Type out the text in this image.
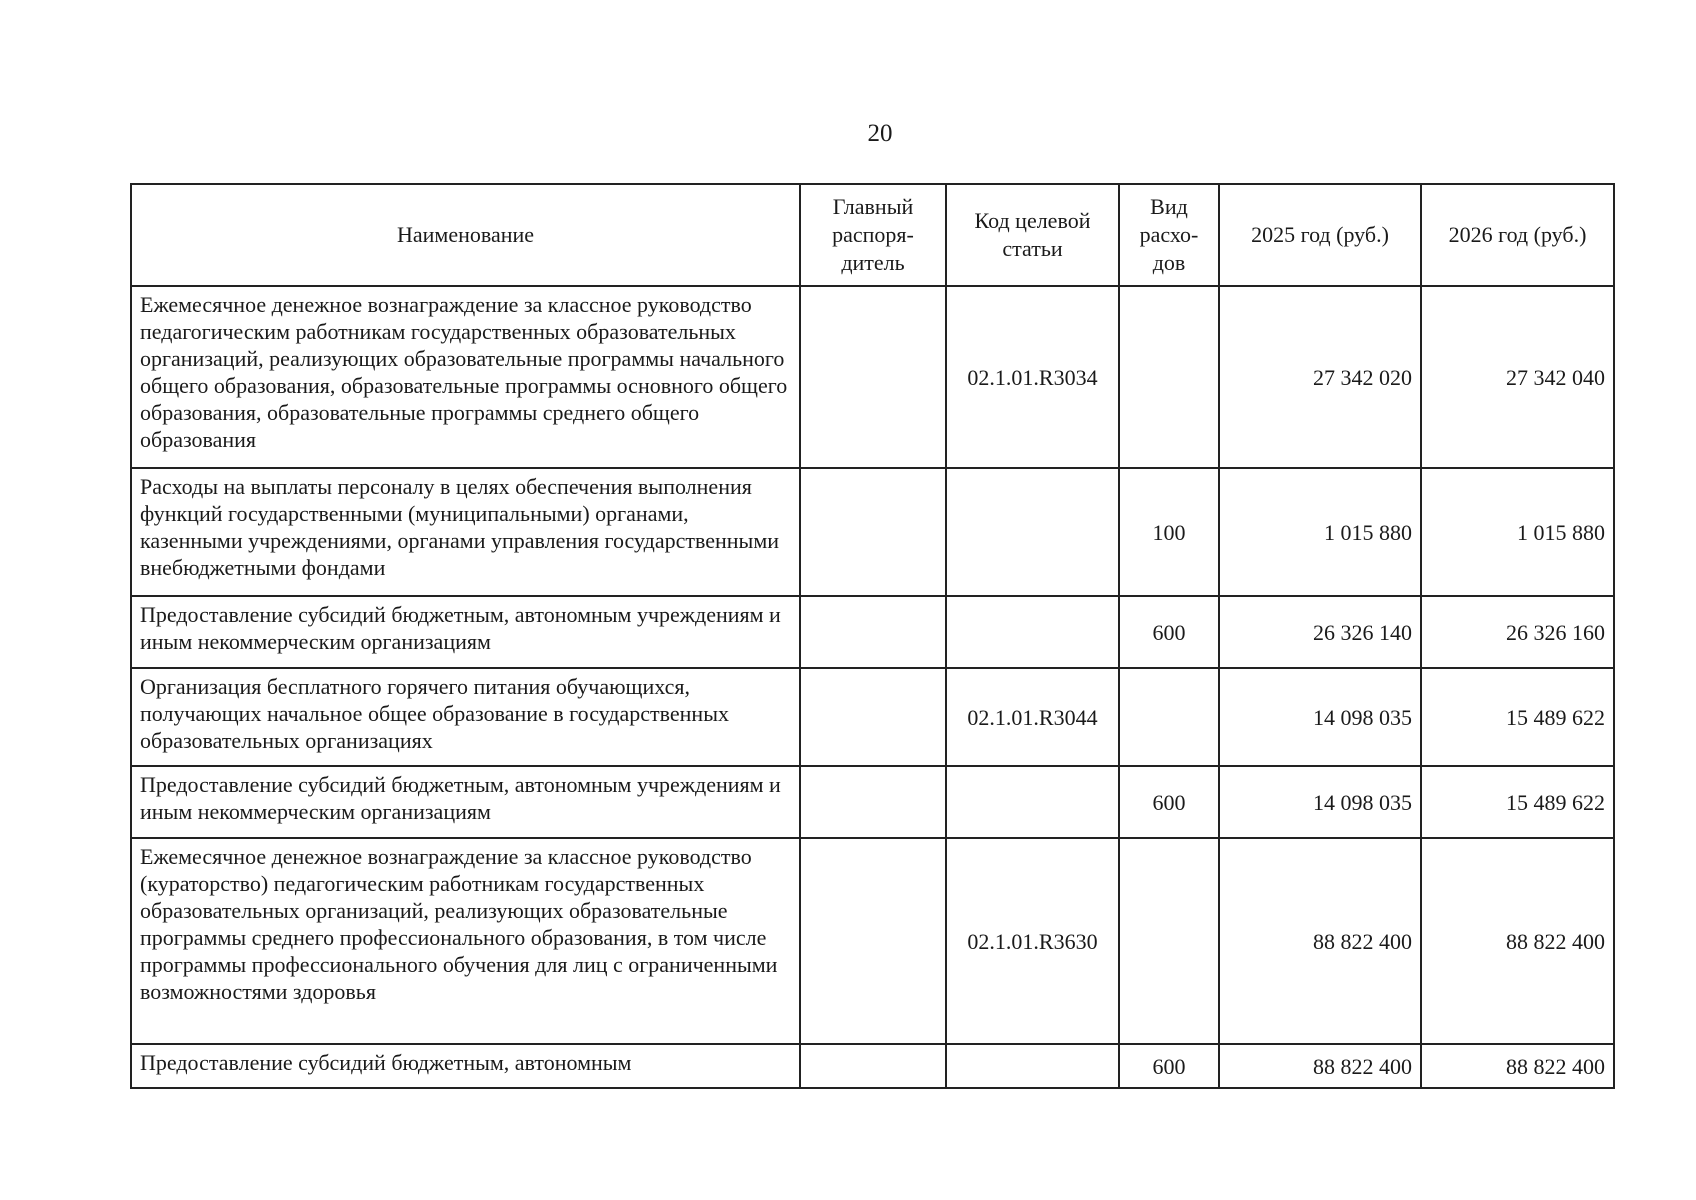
20
Наименование	Главный распоря-дитель	Код целевой статьи	Вид расхо-дов	2025 год (руб.)	2026 год (руб.)
Ежемесячное денежное вознаграждение за классное руководство педагогическим работникам государственных образовательных организаций, реализующих образовательные программы начального общего образования, образовательные программы основного общего образования, образовательные программы среднего общего образования		02.1.01.R3034		27 342 020	27 342 040
Расходы на выплаты персоналу в целях обеспечения выполнения функций государственными (муниципальными) органами, казенными учреждениями, органами управления государственными внебюджетными фондами			100	1 015 880	1 015 880
Предоставление субсидий бюджетным, автономным учреждениям и иным некоммерческим организациям			600	26 326 140	26 326 160
Организация бесплатного горячего питания обучающихся, получающих начальное общее образование в государственных образовательных организациях		02.1.01.R3044		14 098 035	15 489 622
Предоставление субсидий бюджетным, автономным учреждениям и иным некоммерческим организациям			600	14 098 035	15 489 622
Ежемесячное денежное вознаграждение за классное руководство (кураторство) педагогическим работникам государственных образовательных организаций, реализующих образовательные программы среднего профессионального образования, в том числе программы профессионального обучения для лиц с ограниченными возможностями здоровья		02.1.01.R3630		88 822 400	88 822 400
Предоставление субсидий бюджетным, автономным			600	88 822 400	88 822 400
